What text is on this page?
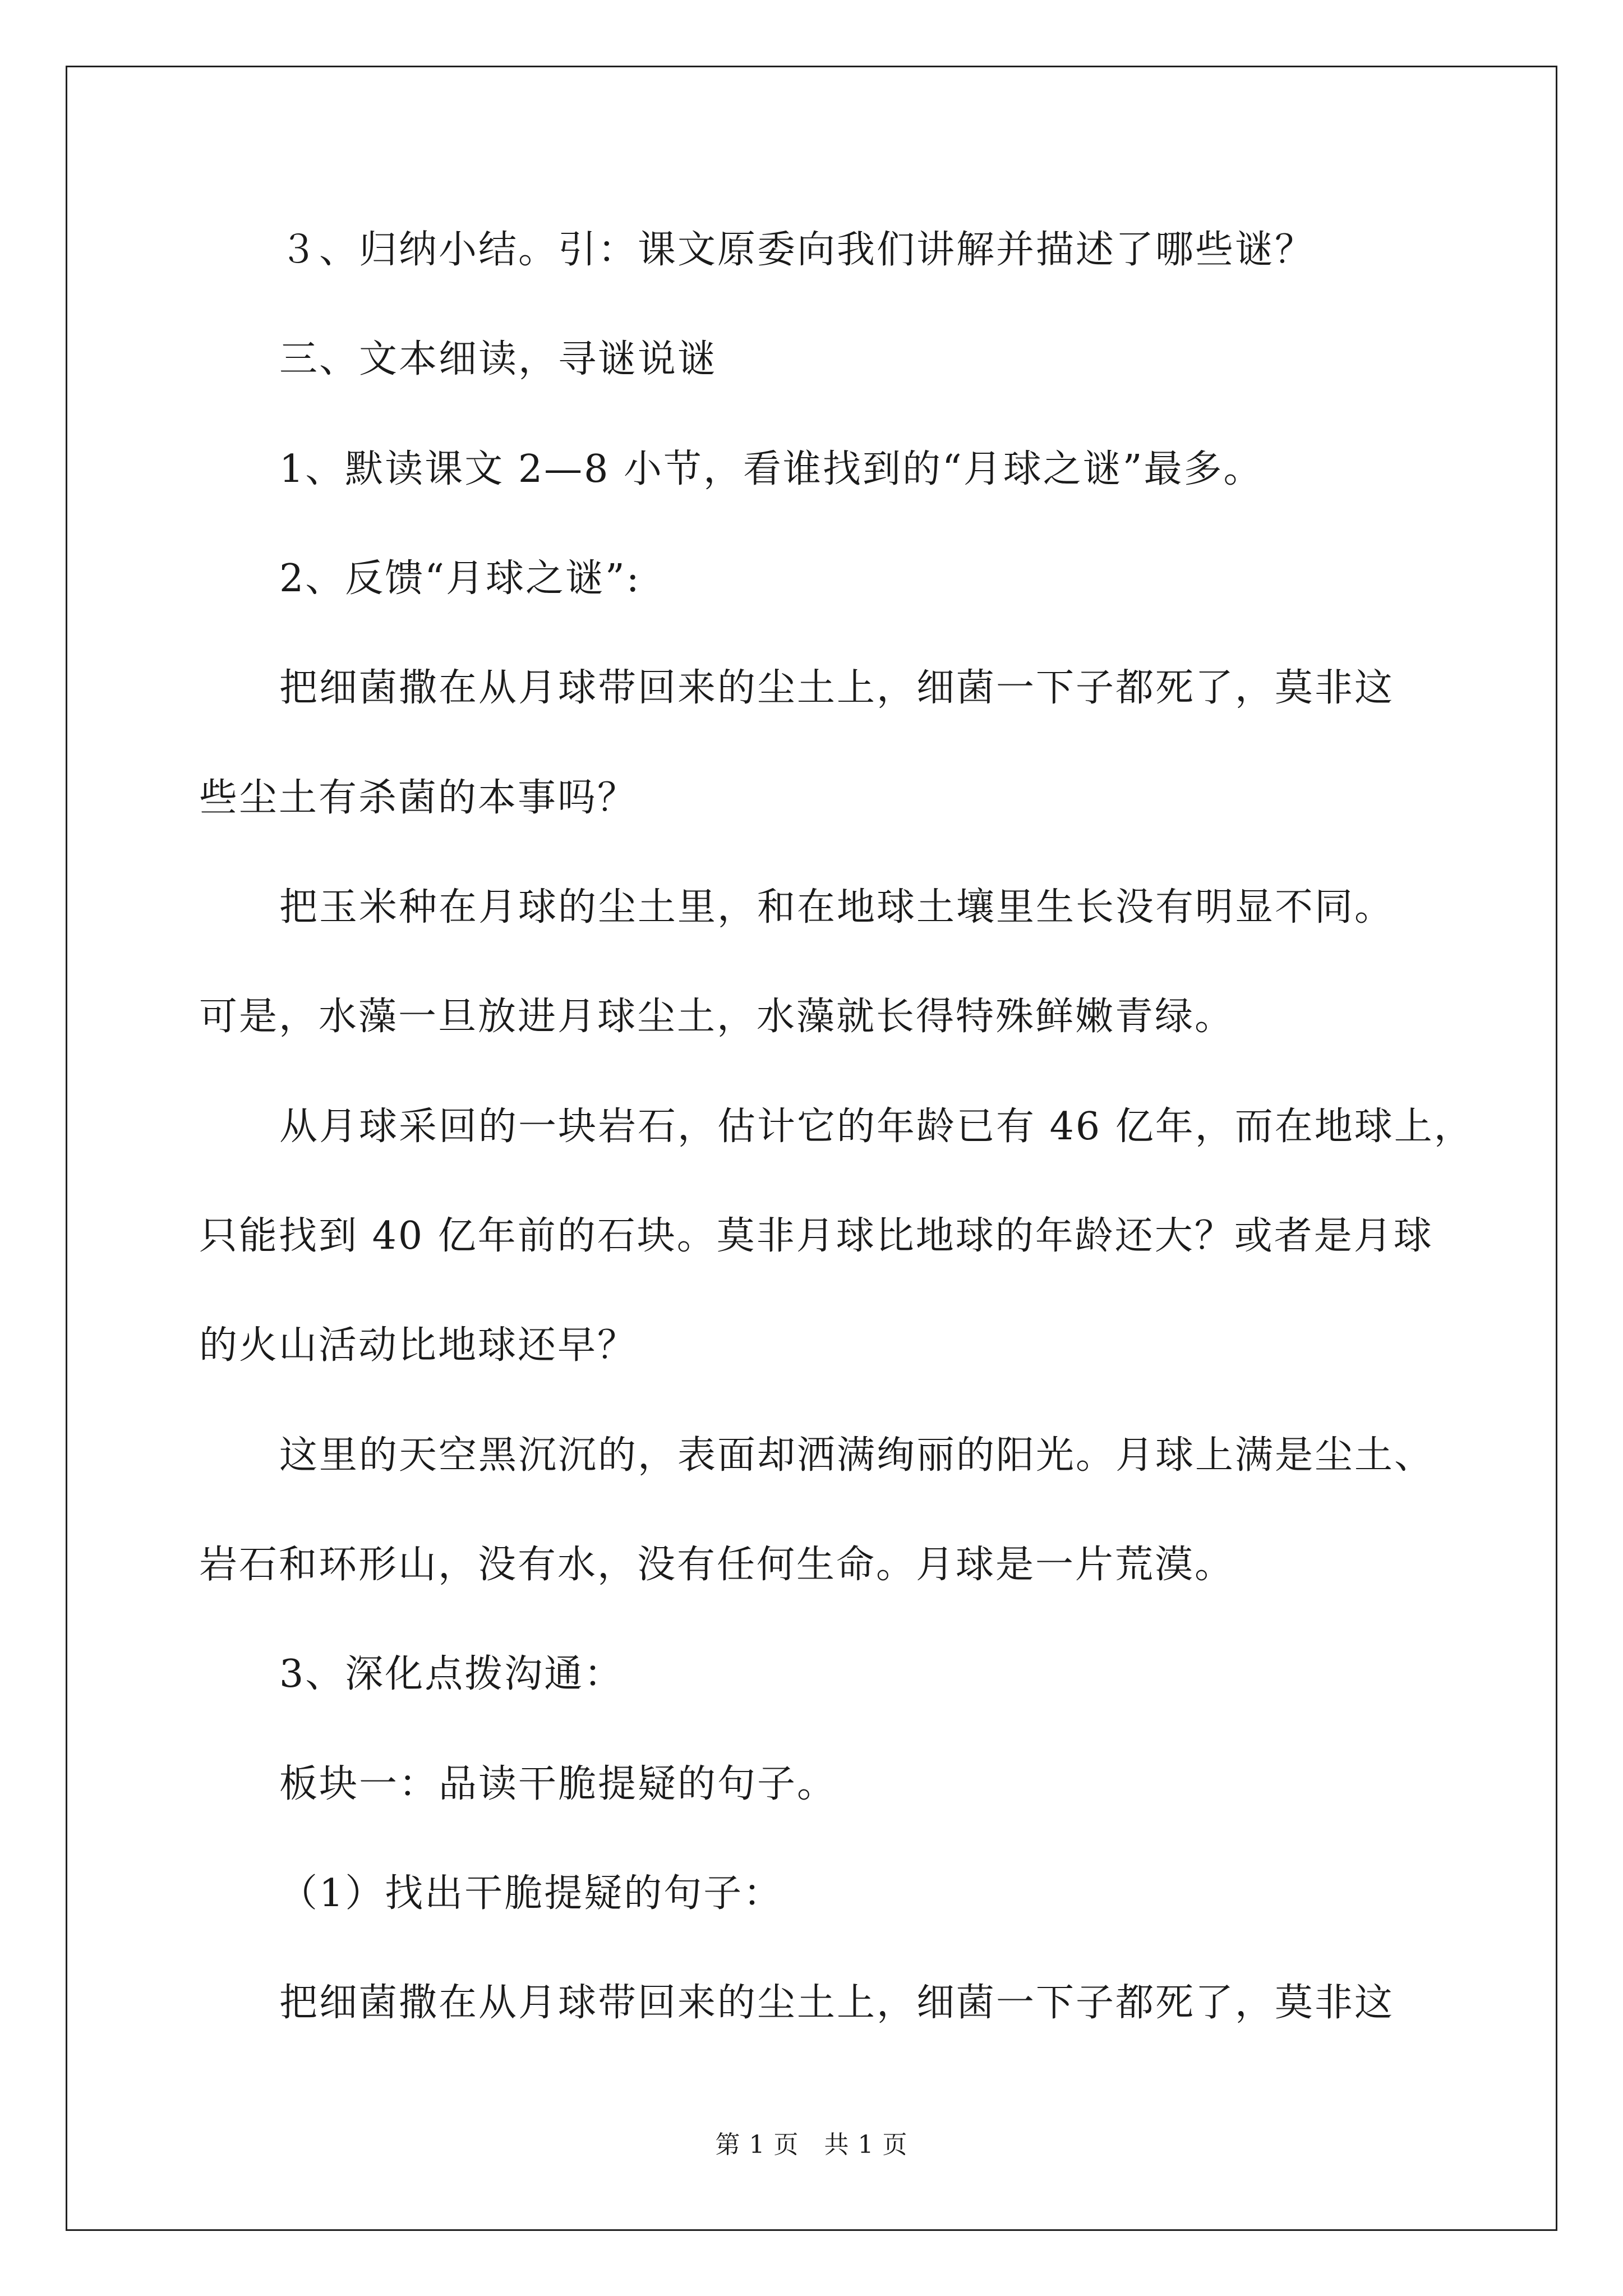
３、归纳小结。引：课文原委向我们讲解并描述了哪些谜？
三、文本细读，寻谜说谜
1、默读课文 2—8 小节，看谁找到的“月球之谜”最多。
2、反馈“月球之谜”:
把细菌撒在从月球带回来的尘土上，细菌一下子都死了，莫非这
些尘土有杀菌的本事吗？
把玉米种在月球的尘土里，和在地球土壤里生长没有明显不同。
可是，水藻一旦放进月球尘土，水藻就长得特殊鲜嫩青绿。
从月球采回的一块岩石，估计它的年龄已有 46 亿年，而在地球上，
只能找到 40 亿年前的石块。莫非月球比地球的年龄还大？或者是月球
的火山活动比地球还早？
这里的天空黑沉沉的，表面却洒满绚丽的阳光。月球上满是尘土、
岩石和环形山，没有水，没有任何生命。月球是一片荒漠。
3、深化点拨沟通：
板块一：品读干脆提疑的句子。
（1）找出干脆提疑的句子：
把细菌撒在从月球带回来的尘土上，细菌一下子都死了，莫非这
第 1 页　共 1 页
